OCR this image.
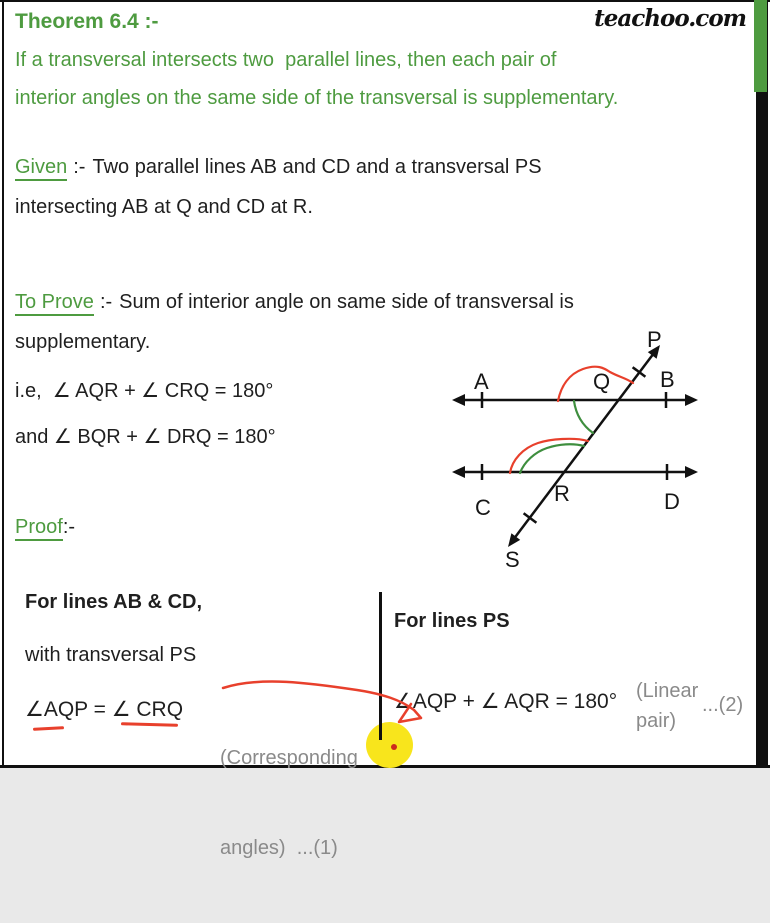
teachoo.com
Theorem 6.4 :-
If a transversal intersects two  parallel lines, then each pair of
interior angles on the same side of the transversal is supplementary.
Given :- Two parallel lines AB and CD and a transversal PS
intersecting AB at Q and CD at R.
To Prove :- Sum of interior angle on same side of transversal is
supplementary.
i.e,  ∠ AQR + ∠ CRQ = 180°
and ∠ BQR + ∠ DRQ = 180°
P
A	Q B
C
R	D
S
Proof:-
For lines AB & CD,
with transversal PS
∠AQP = ∠ CRQ

(Corresponding

angles)  ...(1)

For lines PS
∠AQP + ∠ AQR = 180° (Linear
pair)
...(2)
